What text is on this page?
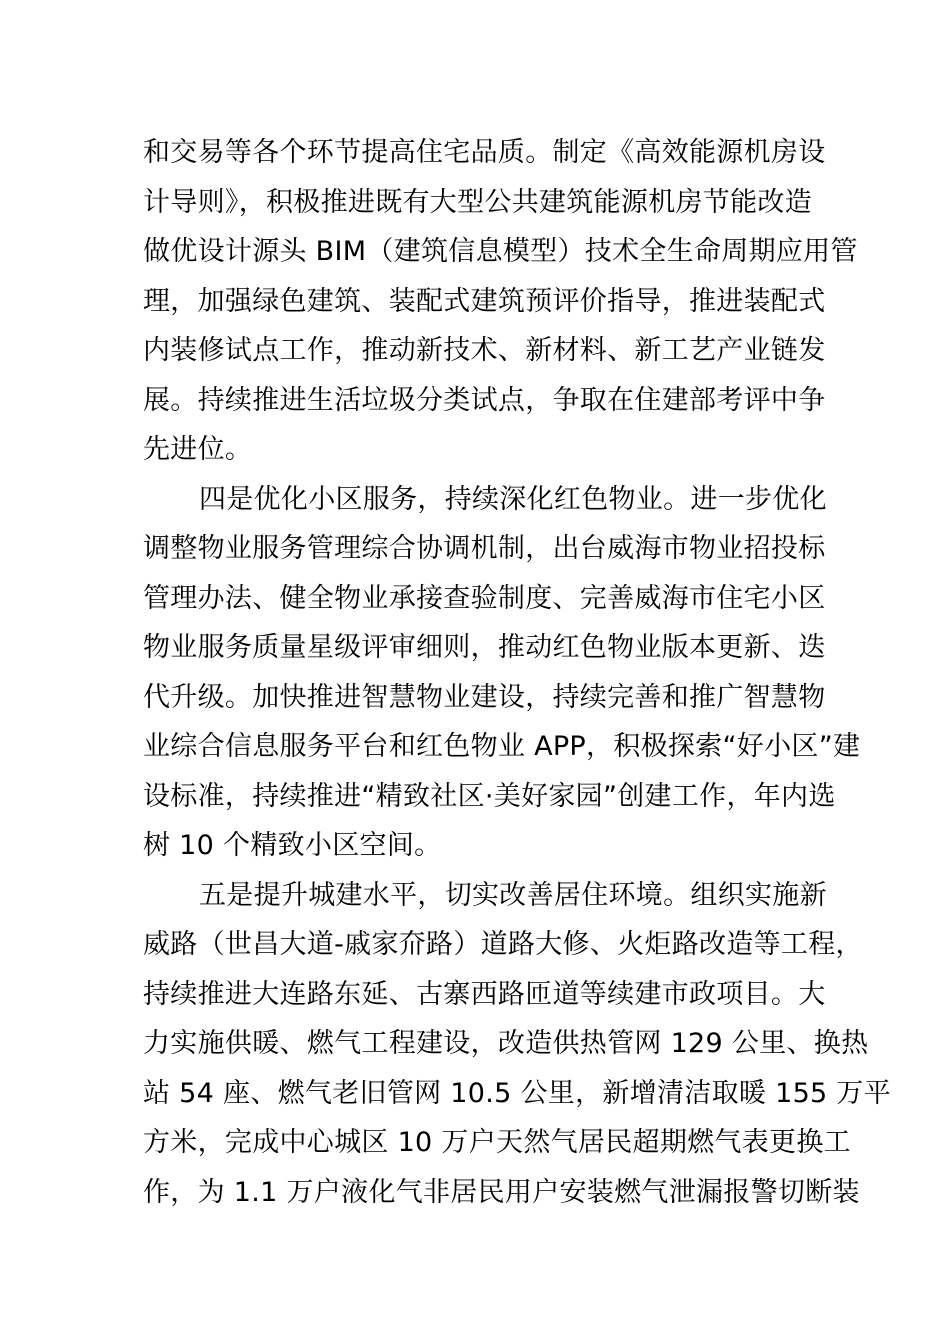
和交易等各个环节提高住宅品质。制定《高效能源机房设
计导则》，积极推进既有大型公共建筑能源机房节能改造
做优设计源头 BIM（建筑信息模型）技术全生命周期应用管
理，加强绿色建筑、装配式建筑预评价指导，推进装配式
内装修试点工作，推动新技术、新材料、新工艺产业链发
展。持续推进生活垃圾分类试点，争取在住建部考评中争
先进位。
四是优化小区服务，持续深化红色物业。进一步优化
调整物业服务管理综合协调机制，出台威海市物业招投标
管理办法、健全物业承接查验制度、完善威海市住宅小区
物业服务质量星级评审细则，推动红色物业版本更新、迭
代升级。加快推进智慧物业建设，持续完善和推广智慧物
业综合信息服务平台和红色物业 APP，积极探索“好小区”建
设标准，持续推进“精致社区·美好家园”创建工作，年内选
树 10 个精致小区空间。
五是提升城建水平，切实改善居住环境。组织实施新
威路（世昌大道-戚家夼路）道路大修、火炬路改造等工程，
持续推进大连路东延、古寨西路匝道等续建市政项目。大
力实施供暖、燃气工程建设，改造供热管网 129 公里、换热
站 54 座、燃气老旧管网 10.5 公里，新增清洁取暖 155 万平
方米，完成中心城区 10 万户天然气居民超期燃气表更换工
作，为 1.1 万户液化气非居民用户安装燃气泄漏报警切断装
